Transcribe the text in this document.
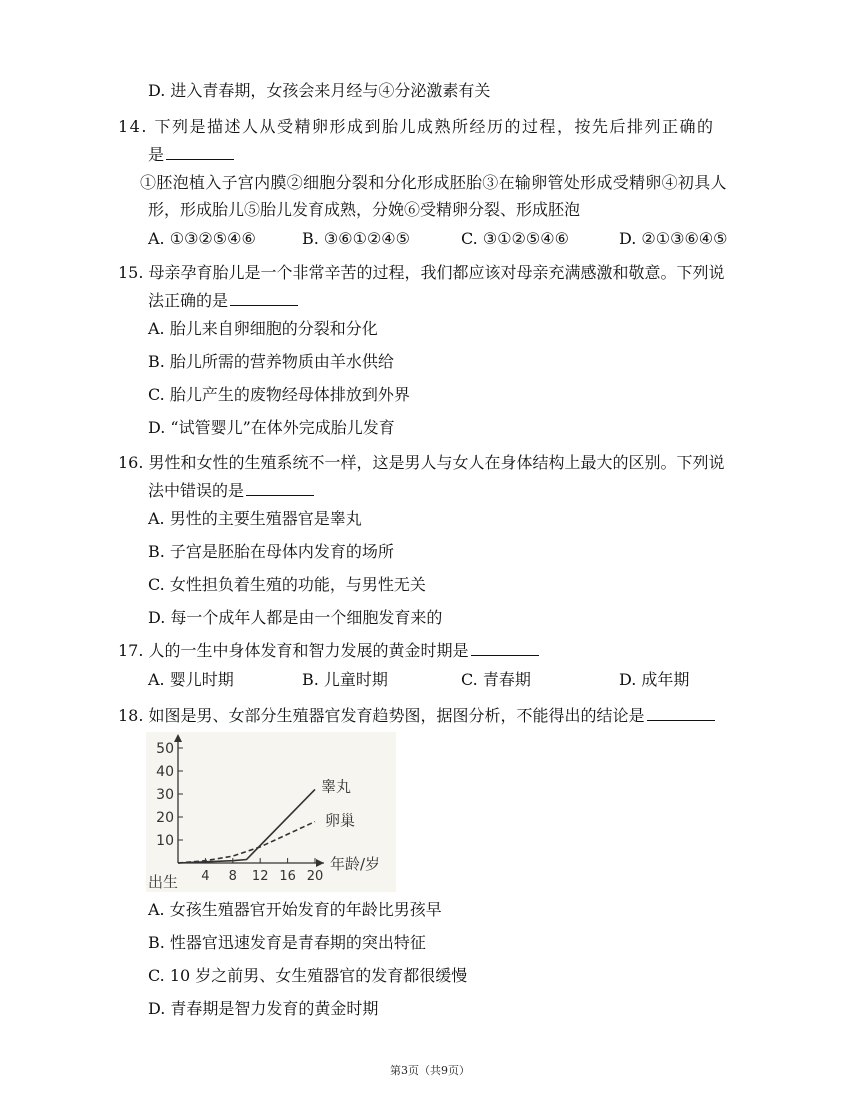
D. 进入青春期，女孩会来月经与④分泌激素有关
14. 下列是描述人从受精卵形成到胎儿成熟所经历的过程，按先后排列正确的
是
①胚泡植入子宫内膜②细胞分裂和分化形成胚胎③在输卵管处形成受精卵④初具人
形，形成胎儿⑤胎儿发育成熟，分娩⑥受精卵分裂、形成胚泡
A. ①③②⑤④⑥	B. ③⑥①②④⑤	C. ③①②⑤④⑥	D. ②①③⑥④⑤
15. 母亲孕育胎儿是一个非常辛苦的过程，我们都应该对母亲充满感激和敬意。下列说
法正确的是
A. 胎儿来自卵细胞的分裂和分化
B. 胎儿所需的营养物质由羊水供给
C. 胎儿产生的废物经母体排放到外界
D. “试管婴儿”在体外完成胎儿发育
16. 男性和女性的生殖系统不一样，这是男人与女人在身体结构上最大的区别。下列说
法中错误的是
A. 男性的主要生殖器官是睾丸
B. 子宫是胚胎在母体内发育的场所
C. 女性担负着生殖的功能，与男性无关
D. 每一个成年人都是由一个细胞发育来的
17. 人的一生中身体发育和智力发展的黄金时期是
A. 婴儿时期	B. 儿童时期	C. 青春期	D. 成年期
18. 如图是男、女部分生殖器官发育趋势图，据图分析，不能得出的结论是
10
20
30
40
50
4 8 12 16 20
出生
年龄/岁
睾丸
卵巢
A. 女孩生殖器官开始发育的年龄比男孩早
B. 性器官迅速发育是青春期的突出特征
C. 10 岁之前男、女生殖器官的发育都很缓慢
D. 青春期是智力发育的黄金时期
第3页（共9页）
